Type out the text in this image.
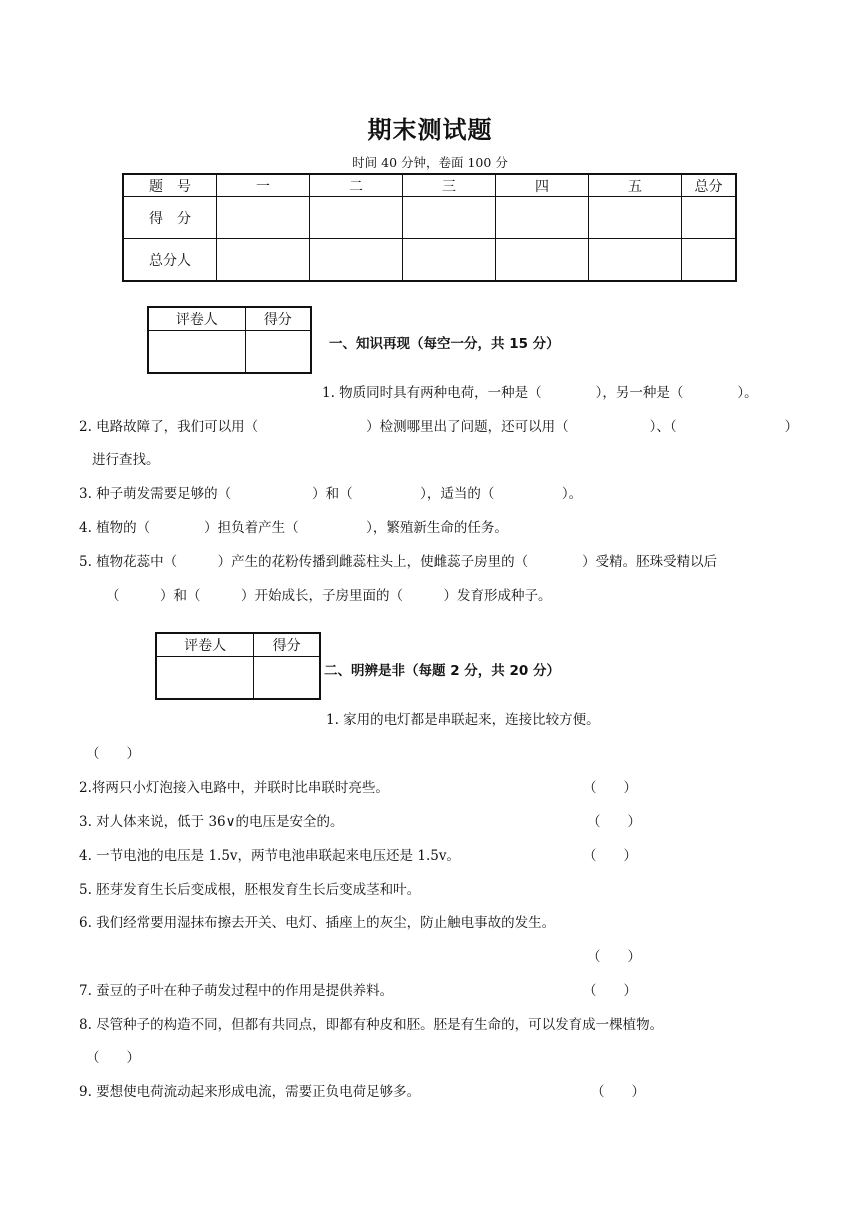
期末测试题
时间 40 分钟，卷面 100 分
题　号	一	二	三	四	五	总分
得　分						
总分人						
评卷人	得分

一、知识再现（每空一分，共 15 分）
1. 物质同时具有两种电荷，一种是（　　　　），另一种是（　　　　）。
2. 电路故障了，我们可以用（　　　　　　　　）检测哪里出了问题，还可以用（　　　　　　）、（　　　　　　　　）
进行查找。
3. 种子萌发需要足够的（　　　　　　）和（　　　　　），适当的（　　　　　）。
4. 植物的（　　　　）担负着产生（　　　　　），繁殖新生命的任务。
5. 植物花蕊中（　　　）产生的花粉传播到雌蕊柱头上，使雌蕊子房里的（　　　　）受精。胚珠受精以后
（　　　）和（　　　）开始成长，子房里面的（　　　）发育形成种子。
评卷人	得分

二、明辨是非（每题 2 分，共 20 分）
1. 家用的电灯都是串联起来，连接比较方便。
（　　）
2.将两只小灯泡接入电路中，并联时比串联时亮些。	（　　）
3. 对人体来说，低于 36∨的电压是安全的。	（　　）
4. 一节电池的电压是 1.5v，两节电池串联起来电压还是 1.5v。	（　　）
5. 胚芽发育生长后变成根，胚根发育生长后变成茎和叶。
6. 我们经常要用湿抹布擦去开关、电灯、插座上的灰尘，防止触电事故的发生。
（　　）
7. 蚕豆的子叶在种子萌发过程中的作用是提供养料。	（　　）
8. 尽管种子的构造不同，但都有共同点，即都有种皮和胚。胚是有生命的，可以发育成一棵植物。
（　　）
9. 要想使电荷流动起来形成电流，需要正负电荷足够多。	（　　）
